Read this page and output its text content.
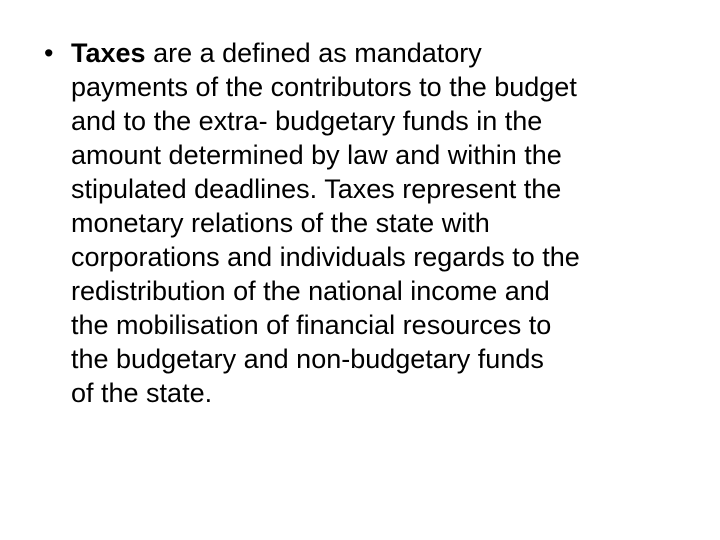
• Taxes are a defined as mandatory
payments of the contributors to the budget
and to the extra- budgetary funds in the
amount determined by law and within the
stipulated deadlines. Taxes represent the
monetary relations of the state with
corporations and individuals regards to the
redistribution of the national income and
the mobilisation of financial resources to
the budgetary and non-budgetary funds
of the state.
